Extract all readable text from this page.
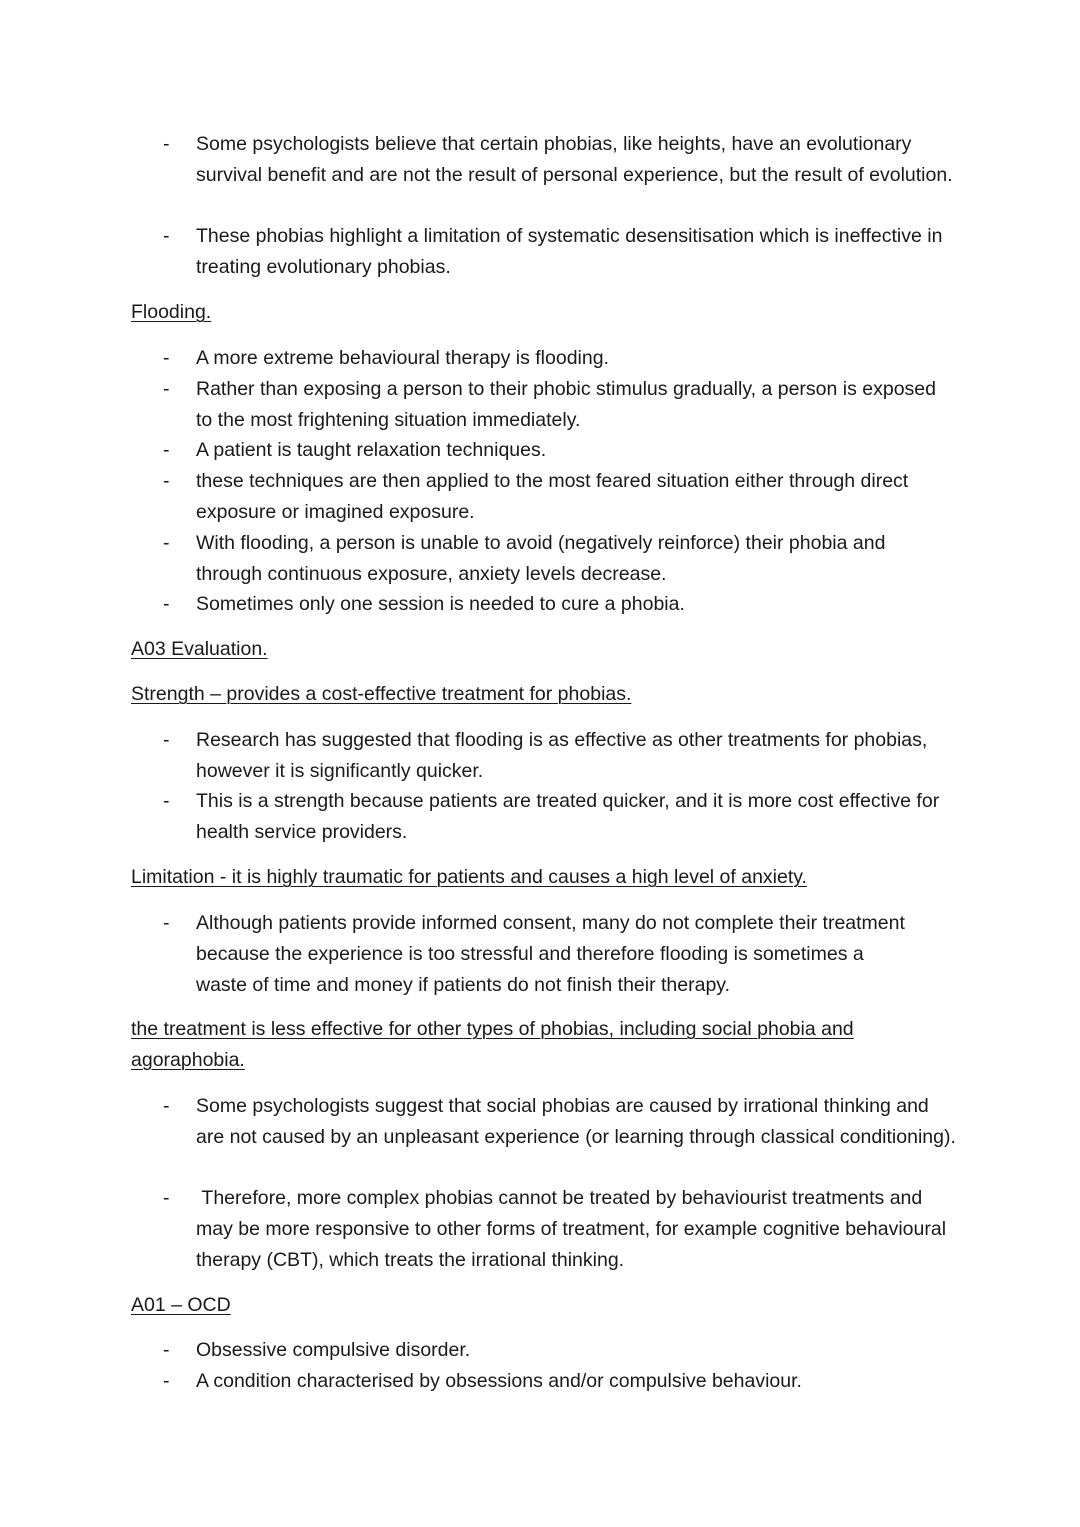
- Some psychologists believe that certain phobias, like heights, have an evolutionary survival benefit and are not the result of personal experience, but the result of evolution.
- These phobias highlight a limitation of systematic desensitisation which is ineffective in treating evolutionary phobias.
Flooding.
- A more extreme behavioural therapy is flooding.
- Rather than exposing a person to their phobic stimulus gradually, a person is exposed to the most frightening situation immediately.
- A patient is taught relaxation techniques.
- these techniques are then applied to the most feared situation either through direct exposure or imagined exposure.
- With flooding, a person is unable to avoid (negatively reinforce) their phobia and through continuous exposure, anxiety levels decrease.
- Sometimes only one session is needed to cure a phobia.
A03 Evaluation.
Strength – provides a cost-effective treatment for phobias.
- Research has suggested that flooding is as effective as other treatments for phobias, however it is significantly quicker.
- This is a strength because patients are treated quicker, and it is more cost effective for health service providers.
Limitation - it is highly traumatic for patients and causes a high level of anxiety.
- Although patients provide informed consent, many do not complete their treatment because the experience is too stressful and therefore flooding is sometimes a waste of time and money if patients do not finish their therapy.
the treatment is less effective for other types of phobias, including social phobia and agoraphobia.
- Some psychologists suggest that social phobias are caused by irrational thinking and are not caused by an unpleasant experience (or learning through classical conditioning).
- Therefore, more complex phobias cannot be treated by behaviourist treatments and may be more responsive to other forms of treatment, for example cognitive behavioural therapy (CBT), which treats the irrational thinking.
A01 – OCD
- Obsessive compulsive disorder.
- A condition characterised by obsessions and/or compulsive behaviour.
